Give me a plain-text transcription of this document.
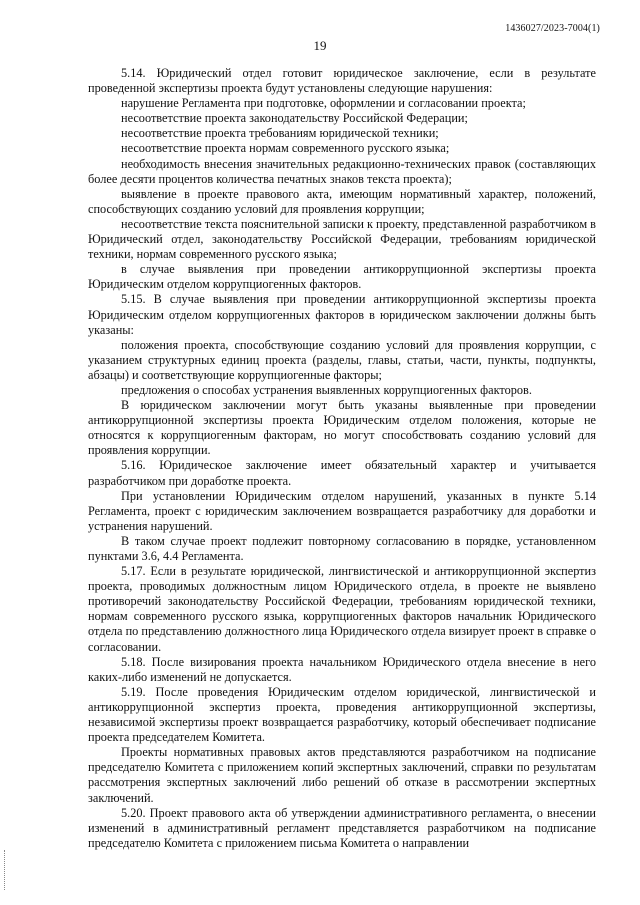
1436027/2023-7004(1)
19

5.14. Юридический отдел готовит юридическое заключение, если в результате проведенной экспертизы проекта будут установлены следующие нарушения:

нарушение Регламента при подготовке, оформлении и согласовании проекта;

несоответствие проекта законодательству Российской Федерации;

несоответствие проекта требованиям юридической техники;

несоответствие проекта нормам современного русского языка;

необходимость внесения значительных редакционно-технических правок (составляющих более десяти процентов количества печатных знаков текста проекта);

выявление в проекте правового акта, имеющим нормативный характер, положений, способствующих созданию условий для проявления коррупции;

несоответствие текста пояснительной записки к проекту, представленной разработчиком в Юридический отдел, законодательству Российской Федерации, требованиям юридической техники, нормам современного русского языка;

в случае выявления при проведении антикоррупционной экспертизы проекта Юридическим отделом коррупциогенных факторов.

5.15. В случае выявления при проведении антикоррупционной экспертизы проекта Юридическим отделом коррупциогенных факторов в юридическом заключении должны быть указаны:

положения проекта, способствующие созданию условий для проявления коррупции, с указанием структурных единиц проекта (разделы, главы, статьи, части, пункты, подпункты, абзацы) и соответствующие коррупциогенные факторы;

предложения о способах устранения выявленных коррупциогенных факторов.

В юридическом заключении могут быть указаны выявленные при проведении антикоррупционной экспертизы проекта Юридическим отделом положения, которые не относятся к коррупциогенным факторам, но могут способствовать созданию условий для проявления коррупции.

5.16. Юридическое заключение имеет обязательный характер и учитывается разработчиком при доработке проекта.

При установлении Юридическим отделом нарушений, указанных в пункте 5.14 Регламента, проект с юридическим заключением возвращается разработчику для доработки и устранения нарушений.

В таком случае проект подлежит повторному согласованию в порядке, установленном пунктами 3.6, 4.4 Регламента.

5.17. Если в результате юридической, лингвистической и антикоррупционной экспертиз проекта, проводимых должностным лицом Юридического отдела, в проекте не выявлено противоречий законодательству Российской Федерации, требованиям юридической техники, нормам современного русского языка, коррупциогенных факторов начальник Юридического отдела по представлению должностного лица Юридического отдела визирует проект в справке о согласовании.

5.18. После визирования проекта начальником Юридического отдела внесение в него каких-либо изменений не допускается.

5.19. После проведения Юридическим отделом юридической, лингвистической и антикоррупционной экспертиз проекта, проведения антикоррупционной экспертизы, независимой экспертизы проект возвращается разработчику, который обеспечивает подписание проекта председателем Комитета.

Проекты нормативных правовых актов представляются разработчиком на подписание председателю Комитета с приложением копий экспертных заключений, справки по результатам рассмотрения экспертных заключений либо решений об отказе в рассмотрении экспертных заключений.

5.20. Проект правового акта об утверждении административного регламента, о внесении изменений в административный регламент представляется разработчиком на подписание председателю Комитета с приложением письма Комитета о направлении
